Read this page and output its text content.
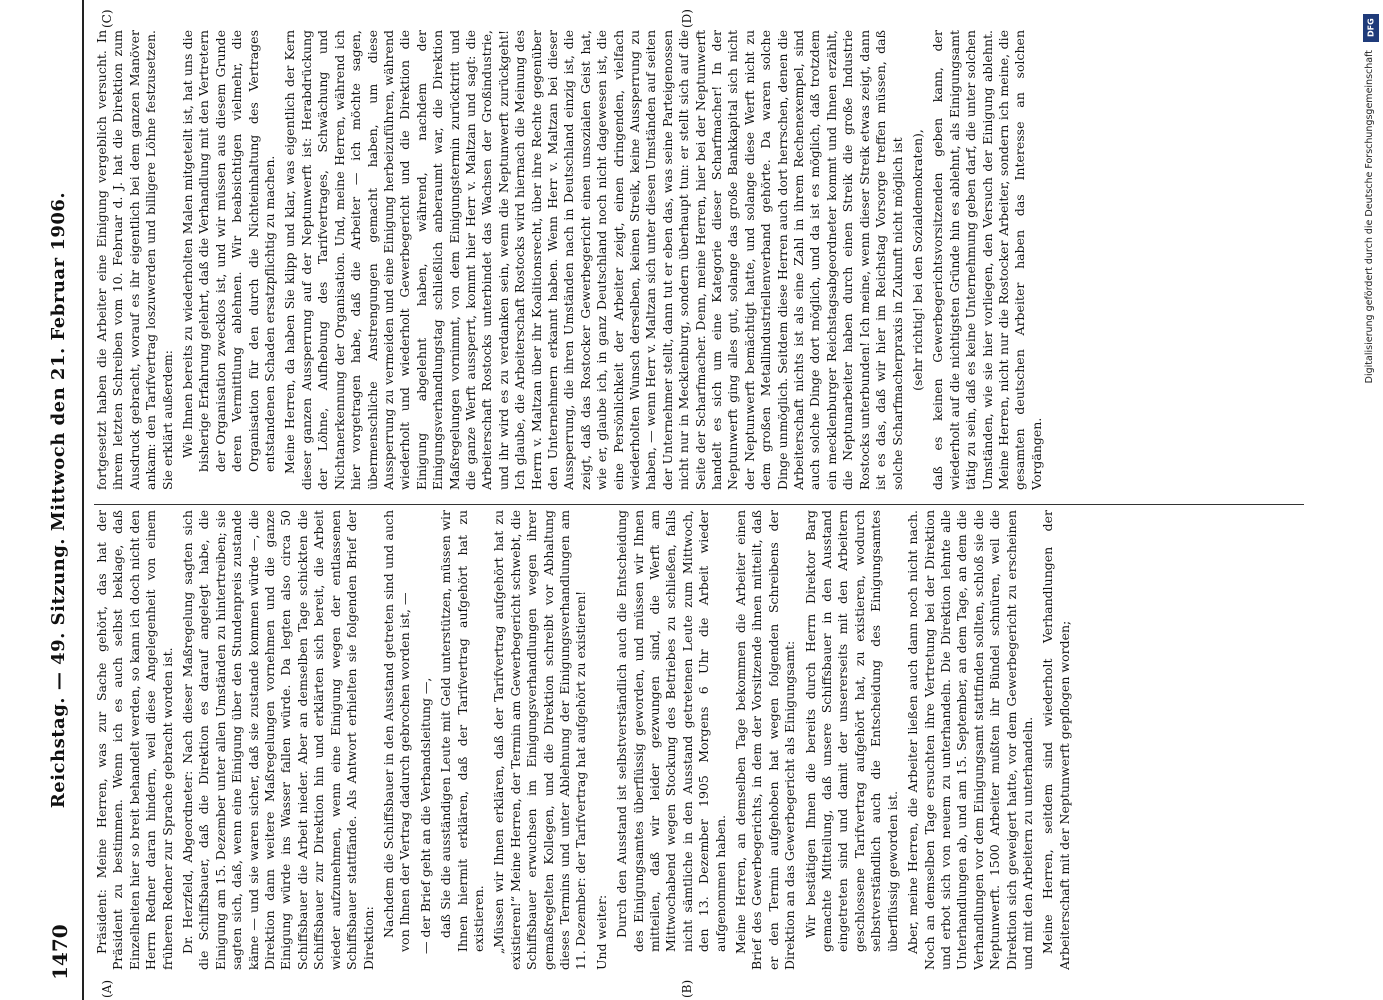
1470
Reichstag. — 49. Sitzung. Mittwoch den 21. Februar 1906.
(A)	(B)
(C)	(D)

Präsident: Meine Herren, was zur Sache gehört, das hat der Präsident zu bestimmen. Wenn ich es auch selbst beklage, daß Einzelheiten hier so breit behandelt werden, so kann ich doch nicht den Herrn Redner daran hindern, weil diese Angelegenheit von einem früheren Redner zur Sprache gebracht worden ist. Dr. Herzfeld, Abgeordneter: Nach dieser Maßregelung sagten sich die Schiffsbauer, daß die Direktion es darauf angelegt habe, die Einigung am 15. Dezember unter allen Umständen zu hintertreiben; sie sagten sich, daß, wenn eine Einigung über den Stundenpreis zustande käme — und sie waren sicher, daß sie zustande kommen würde —, die Direktion dann weitere Maßregelungen vornehmen und die ganze Einigung würde ins Wasser fallen würde. Da legten also circa 50 Schiffsbauer die Arbeit nieder. Aber an demselben Tage schickten die Schiffsbauer zur Direktion hin und erklärten sich bereit, die Arbeit wieder aufzunehmen, wenn eine Einigung wegen der entlassenen Schiffsbauer stattfände. Als Antwort erhielten sie folgenden Brief der Direktion:

Nachdem die Schiffsbauer in den Ausstand getreten sind und auch von Ihnen der Vertrag dadurch gebrochen worden ist, — — der Brief geht an die Verbandsleitung —, daß Sie die ausständigen Leute mit Geld unterstützen, müssen wir Ihnen hiermit erklären, daß der Tarifvertrag aufgehört hat zu existieren. „Müssen wir Ihnen erklären, daß der Tarifvertrag aufgehört hat zu existieren!“ Meine Herren, der Termin am Gewerbegericht schwebt, die Schiffsbauer erwuchsen im Einigungsverhandlungen wegen ihrer gemaßregelten Kollegen, und die Direktion schreibt vor Abhaltung dieses Termins und unter Ablehnung der Einigungsverhandlungen am 11. Dezember: der Tarifvertrag hat aufgehört zu existieren! Und weiter: Durch den Ausstand ist selbstverständlich auch die Entscheidung des Einigungsamtes überflüssig geworden, und müssen wir Ihnen mitteilen, daß wir leider gezwungen sind, die Werft am Mittwochabend wegen Stockung des Betriebes zu schließen, falls nicht sämtliche in den Ausstand getretenen Leute zum Mittwoch, den 13. Dezember 1905 Morgens 6 Uhr die Arbeit wieder aufgenommen haben. Meine Herren, an demselben Tage bekommen die Arbeiter einen Brief des Gewerbegerichts, in dem der Vorsitzende ihnen mitteilt, daß er den Termin aufgehoben hat wegen folgenden Schreibens der Direktion an das Gewerbegericht als Einigungsamt: Wir bestätigen Ihnen die bereits durch Herrn Direktor Barg gemachte Mitteilung, daß unsere Schiffsbauer in den Ausstand eingetreten sind und damit der unsererseits mit den Arbeitern geschlossene Tarifvertrag aufgehört hat, zu existieren, wodurch selbstverständlich auch die Entscheidung des Einigungsamtes überflüssig geworden ist. Aber, meine Herren, die Arbeiter ließen auch dann noch nicht nach. Noch an demselben Tage ersuchten ihre Vertretung bei der Direktion und erbot sich von neuem zu unterhandeln. Die Direktion lehnte alle Unterhandlungen ab, und am 15. September, an dem Tage, an dem die Verhandlungen vor dem Einigungsamt stattfinden sollten, schloß sie die Neptunwerft. 1500 Arbeiter mußten ihr Bündel schnüren, weil die Direktion sich geweigert hatte, vor dem Gewerbegericht zu erscheinen und mit den Arbeitern zu unterhandeln. Meine Herren, seitdem sind wiederholt Verhandlungen der Arbeiterschaft mit der Neptunwerft gepflogen worden;

fortgesetzt haben die Arbeiter eine Einigung vergeblich versucht. In ihrem letzten Schreiben vom 10. Februar d. J. hat die Direktion zum Ausdruck gebracht, worauf es ihr eigentlich bei dem ganzen Manöver ankam: den Tarifvertrag loszuwerden und billigere Löhne festzusetzen. Sie erklärt außerdem: Wie Ihnen bereits zu wiederholten Malen mitgeteilt ist, hat uns die bisherige Erfahrung gelehrt, daß die Verhandlung mit den Vertretern der Organisation zwecklos ist, und wir müssen aus diesem Grunde deren Vermittlung ablehnen. Wir beabsichtigen vielmehr, die Organisation für den durch die Nichteinhaltung des Vertrages entstandenen Schaden ersatzpflichtig zu machen. Meine Herren, da haben Sie klipp und klar, was eigentlich der Kern dieser ganzen Aussperrung auf der Neptunwerft ist: Herabdrückung der Löhne, Aufhebung des Tarifvertrages, Schwächung und Nichtanerkennung der Organisation. Und, meine Herren, während ich hier vorgetragen habe, daß die Arbeiter — ich möchte sagen, übermenschliche Anstrengungen gemacht haben, um diese Aussperrung zu vermeiden und eine Einigung herbeizuführen, während wiederholt und wiederholt Gewerbegericht und die Direktion die Einigung abgelehnt haben, während, nachdem der Einigungsverhandlungstag schließlich anberaumt war, die Direktion Maßregelungen vornimmt, von dem Einigungstermin zurücktritt und die ganze Werft aussperrt, kommt hier Herr v. Maltzan und sagt: die Arbeiterschaft Rostocks unterbindet das Wachsen der Großindustrie, und ihr wird es zu verdanken sein, wenn die Neptunwerft zurückgeht! Ich glaube, die Arbeiterschaft Rostocks wird hiernach die Meinung des Herrn v. Maltzan über ihr Koalitionsrecht, über ihre Rechte gegenüber den Unternehmern erkannt haben. Wenn Herr v. Maltzan bei dieser Aussperrung, die ihren Umständen nach in Deutschland einzig ist, die zeigt, daß das Rostocker Gewerbegericht einen unsozialen Geist hat, wie er, glaube ich, in ganz Deutschland noch nicht dagewesen ist, die eine Persönlichkeit der Arbeiter zeigt, einen dringenden, vielfach wiederholten Wunsch derselben, keinen Streik, keine Aussperrung zu haben, — wenn Herr v. Maltzan sich unter diesen Umständen auf seiten der Unternehmer stellt, dann tut er eben das, was seine Parteigenossen nicht nur in Mecklenburg, sondern überhaupt tun: er stellt sich auf die Seite der Scharfmacher. Denn, meine Herren, hier bei der Neptunwerft handelt es sich um eine Kategorie dieser Scharfmacher! In der Neptunwerft ging alles gut, solange das große Bankkapital sich nicht der Neptunwerft bemächtigt hatte, und solange diese Werft nicht zu dem großen Metallindustriellenverband gehörte. Da waren solche Dinge unmöglich. Seitdem diese Herren auch dort herrschen, denen die Arbeiterschaft nichts ist als eine Zahl in ihrem Rechenexempel, sind auch solche Dinge dort möglich, und da ist es möglich, daß trotzdem ein mecklenburger Reichstagsabgeordneter kommt und Ihnen erzählt, die Neptunarbeiter haben durch einen Streik die große Industrie Rostocks unterbunden! Ich meine, wenn dieser Streik etwas zeigt, dann ist es das, daß wir hier im Reichstag Vorsorge treffen müssen, daß solche Scharfmacherpraxis in Zukunft nicht möglich ist (sehr richtig! bei den Sozialdemokraten), daß es keinen Gewerbegerichtsvorsitzenden geben kann, der wiederholt auf die nichtigsten Gründe hin es ablehnt, als Einigungsamt tätig zu sein, daß es keine Unternehmung geben darf, die unter solchen Umständen, wie sie hier vorliegen, den Versuch der Einigung ablehnt. Meine Herren, nicht nur die Rostocker Arbeiter, sondern ich meine, die gesamten deutschen Arbeiter haben das Interesse an solchen Vorgängen.

DFG
Digitalisierung gefördert durch die Deutsche Forschungsgemeinschaft
